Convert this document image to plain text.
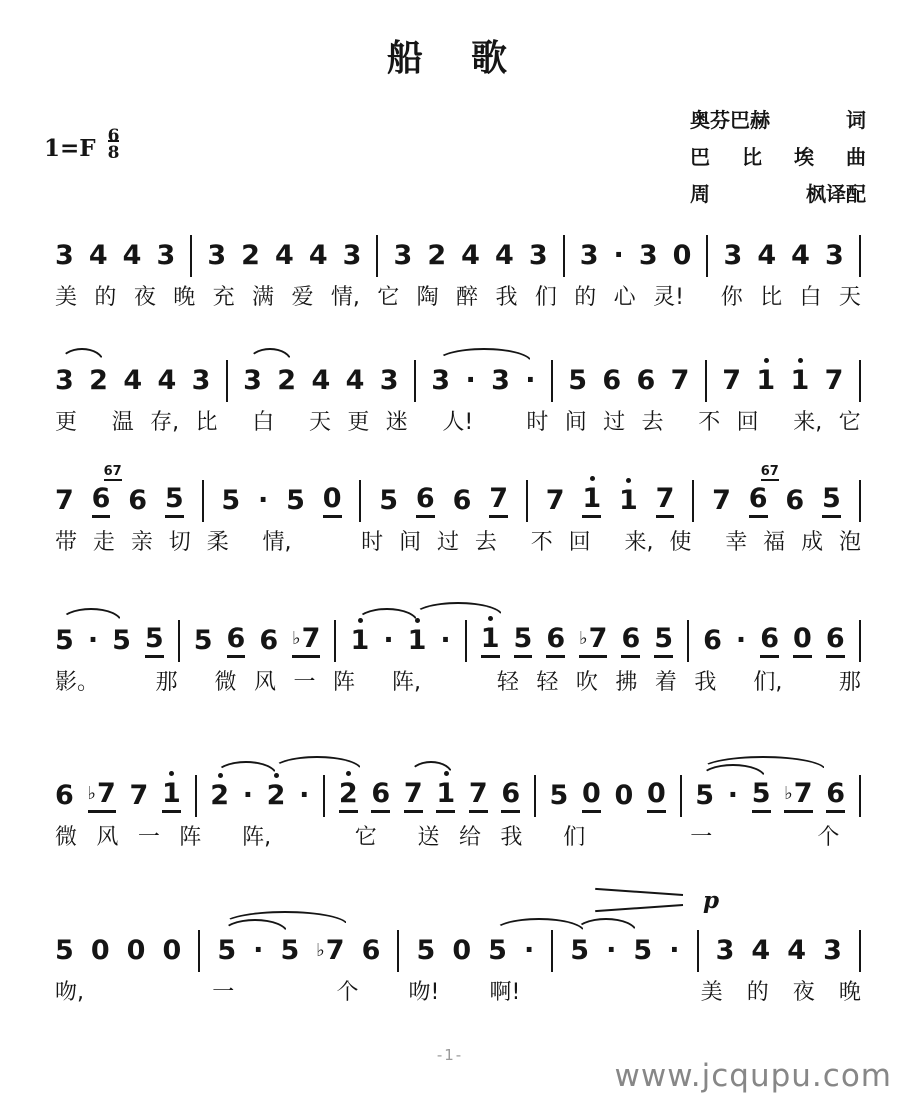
船　歌
奥芬巴赫	词
巴 比 埃 曲
周	枫译配
1=F 6
8
3 4 4 3 3 2 4 4 3 3 2 4 4 3 3 · 3 0 3 4 4 3
美 的 夜 晚 充 满 爱 情, 它 陶 醉 我 们 的 心 灵! 你 比 白 天
3 2 4 4 3 3 2 4 4 3 3 · 3 · 5 6 6 7 7 1 1 7
更 温 存, 比 白 天 更 迷 人! 时 间 过 去 不 回 来, 它
7 6
67
6 5 5 · 5 0 5 6 6 7 7 1 1 7 7 6
67
6 5
带 走 亲 切 柔 情,	时 间 过 去 不 回 来, 使 幸 福 成 泡
5 · 5 5 5 6 6 ♭7 1 · 1 · 1 5 6 ♭7 6 5 6 · 6 0 6
影。	那 微 风 一 阵 阵,	轻 轻 吹 拂 着 我 们,	那
6 ♭7 7 1 2 · 2 · 2 6 7 1 7 6 5 0 0 0 5 · 5 ♭7 6
微 风 一 阵 阵,	它 送 给 我 们	一	个
5 0 0 0 5 · 5 ♭7 6 5 0 5 · 5 · 5 · 3 4 4 3
p
吻,	一	个 吻! 啊!	美 的 夜 晚
-1-
www.jcqupu.com
